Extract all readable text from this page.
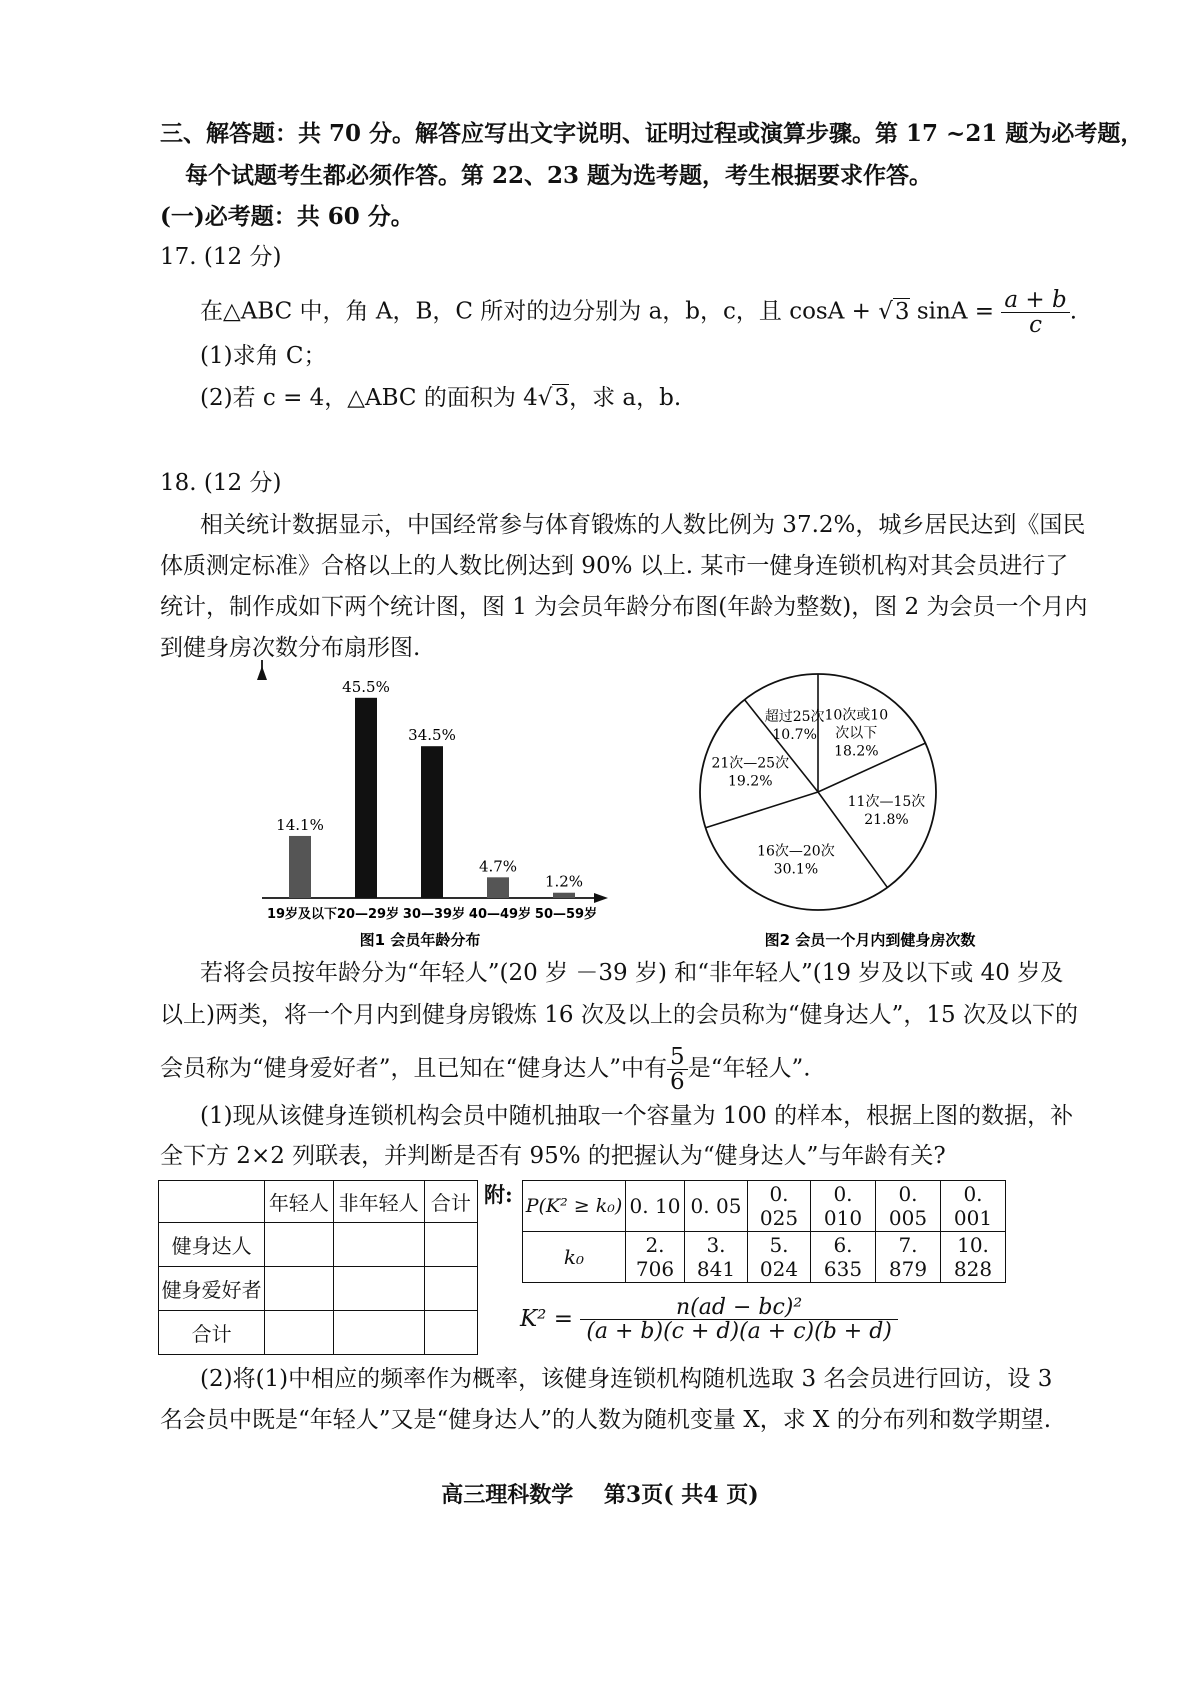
三、解答题：共 70 分。解答应写出文字说明、证明过程或演算步骤。第 17 ~21 题为必考题，
每个试题考生都必须作答。第 22、23 题为选考题，考生根据要求作答。
(一)必考题：共 60 分。
17. (12 分)
在△ABC 中，角 A，B，C 所对的边分别为 a，b，c，且 cosA + √3 $\sin A = \frac{a + b}{c}$ .
(1)求角 C；
(2)若 c = 4，△ABC 的面积为 4√3，求 a，b.
18. (12 分)
相关统计数据显示，中国经常参与体育锻炼的人数比例为 37.2%，城乡居民达到《国民
体质测定标准》合格以上的人数比例达到 90% 以上. 某市一健身连锁机构对其会员进行了
统计，制作成如下两个统计图，图 1 为会员年龄分布图(年龄为整数)，图 2 为会员一个月内
到健身房次数分布扇形图.
14.1%
19岁及以下
45.5%
20—29岁
34.5%
30—39岁
4.7%
40—49岁
1.2%
50—59岁
图1 会员年龄分布
10次或10
次以下
18.2%
11次—15次
21.8%
16次—20次
30.1%
21次—25次
19.2%
超过25次
10.7%
图2 会员一个月内到健身房次数
若将会员按年龄分为“年轻人”(20 岁 －39 岁) 和“非年轻人”(19 岁及以下或 40 岁及
以上)两类，将一个月内到健身房锻炼 16 次及以上的会员称为“健身达人”，15 次及以下的
会员称为“健身爱好者”，且已知在“健身达人”中有 $\frac{5}{6}$ 是“年轻人”.
(1)现从该健身连锁机构会员中随机抽取一个容量为 100 的样本，根据上图的数据，补
全下方 2×2 列联表，并判断是否有 95% 的把握认为“健身达人”与年龄有关?
	年轻人	非年轻人	合计
健身达人			
健身爱好者			
合计			
附: P(K² ≥ k₀)	0. 10	0. 05	0. 025	0. 010	0. 005	0. 001
k₀	2. 706	3. 841	5. 024	6. 635	7. 879	10. 828
$K^2 = \frac{\text{n(ad − bc)²}}{(a + b)(c + d)(a + c)(b + d)}$
(2)将(1)中相应的频率作为概率，该健身连锁机构随机选取 3 名会员进行回访，设 3
名会员中既是“年轻人”又是“健身达人”的人数为随机变量 X，求 X 的分布列和数学期望.
高三理科数学    第3页( 共4 页)
